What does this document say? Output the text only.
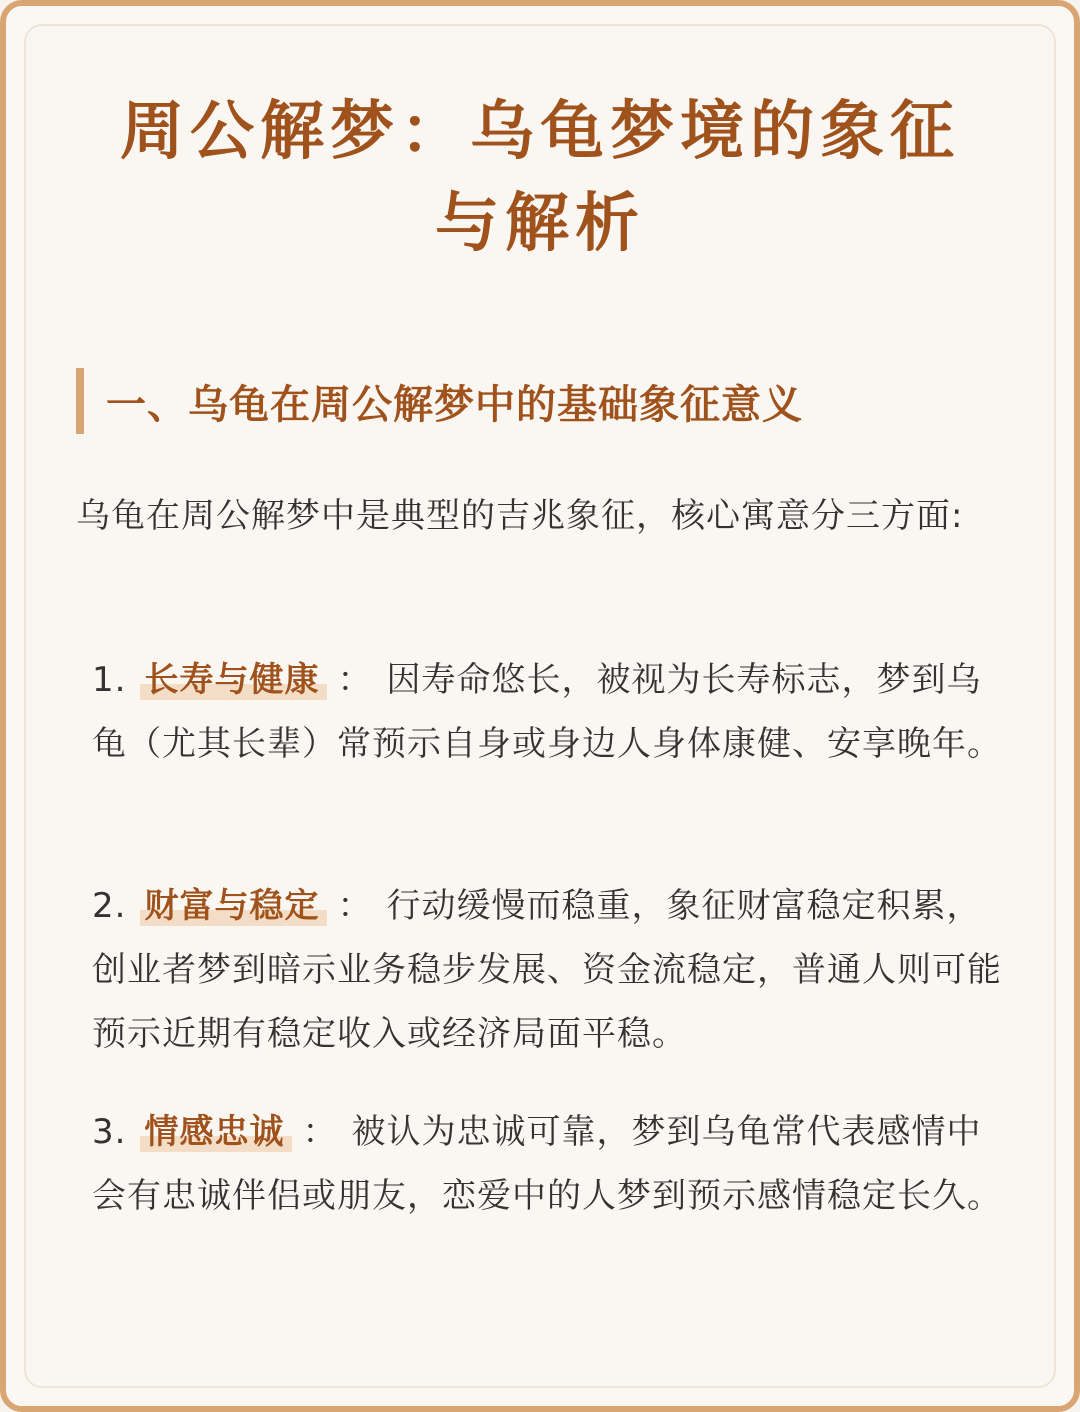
周公解梦：乌龟梦境的象征
与解析
一、乌龟在周公解梦中的基础象征意义
乌龟在周公解梦中是典型的吉兆象征，核心寓意分三方面:
1. 长寿与健康 ： 因寿命悠长，被视为长寿标志，梦到乌龟（尤其长辈）常预示自身或身边人身体康健、安享晚年。
2. 财富与稳定 ： 行动缓慢而稳重，象征财富稳定积累，创业者梦到暗示业务稳步发展、资金流稳定，普通人则可能预示近期有稳定收入或经济局面平稳。
3. 情感忠诚 ： 被认为忠诚可靠，梦到乌龟常代表感情中会有忠诚伴侣或朋友，恋爱中的人梦到预示感情稳定长久。
